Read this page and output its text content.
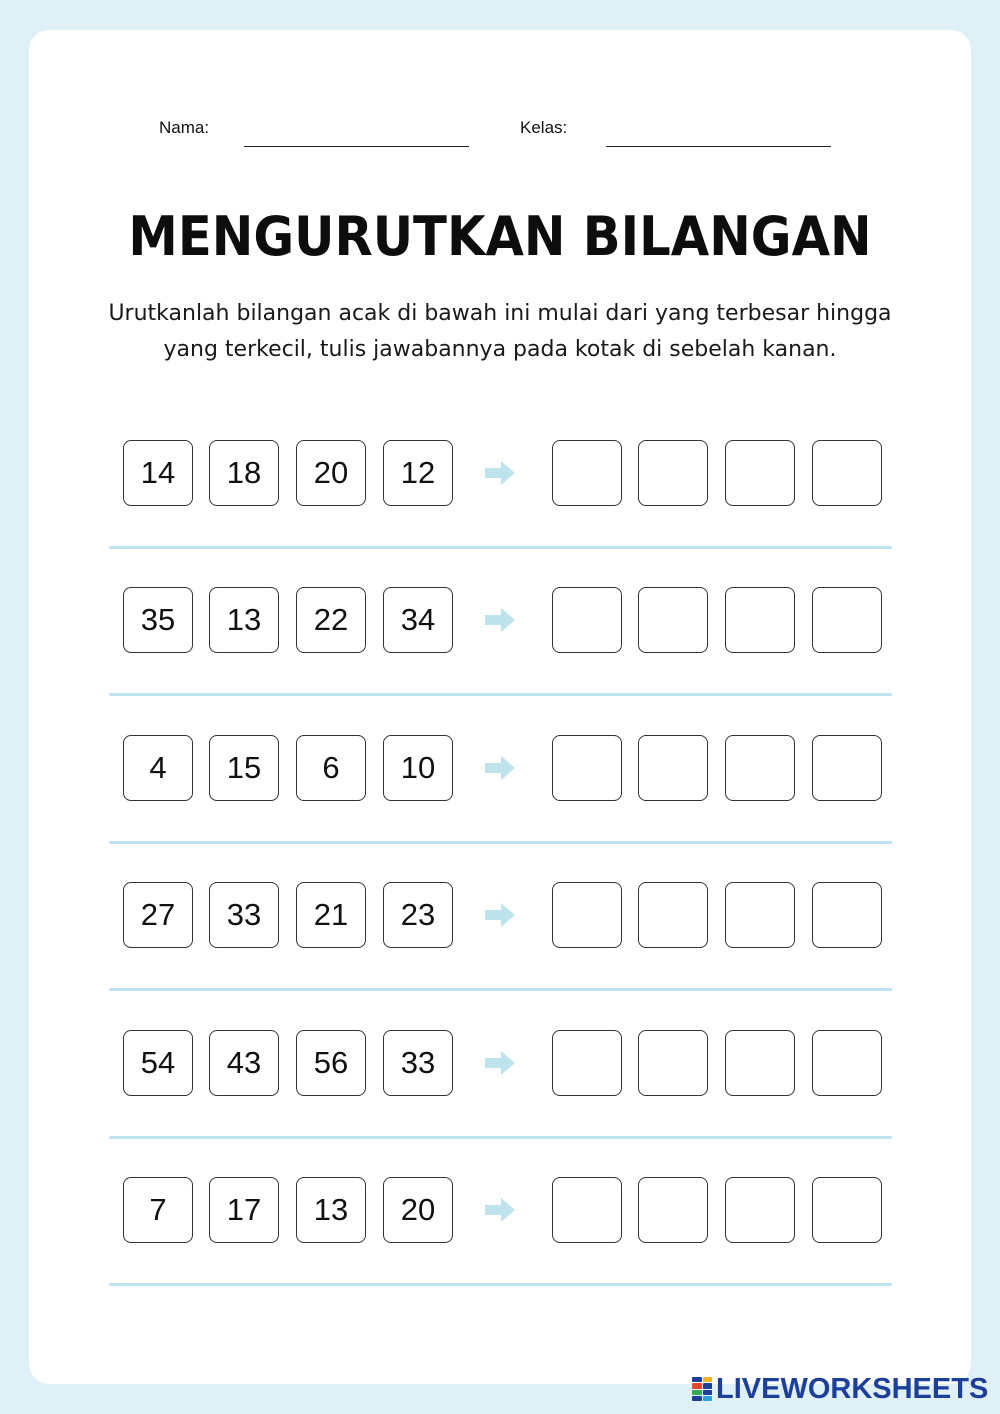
Nama:	Kelas:
MENGURUTKAN BILANGAN
Urutkanlah bilangan acak di bawah ini mulai dari yang terbesar hingga yang terkecil, tulis jawabannya pada kotak di sebelah kanan.
14	18	20	12
35	13	22	34
4	15	6	10
27	33	21	23
54	43	56	33
7	17	13	20
LIVEWORKSHEETS
